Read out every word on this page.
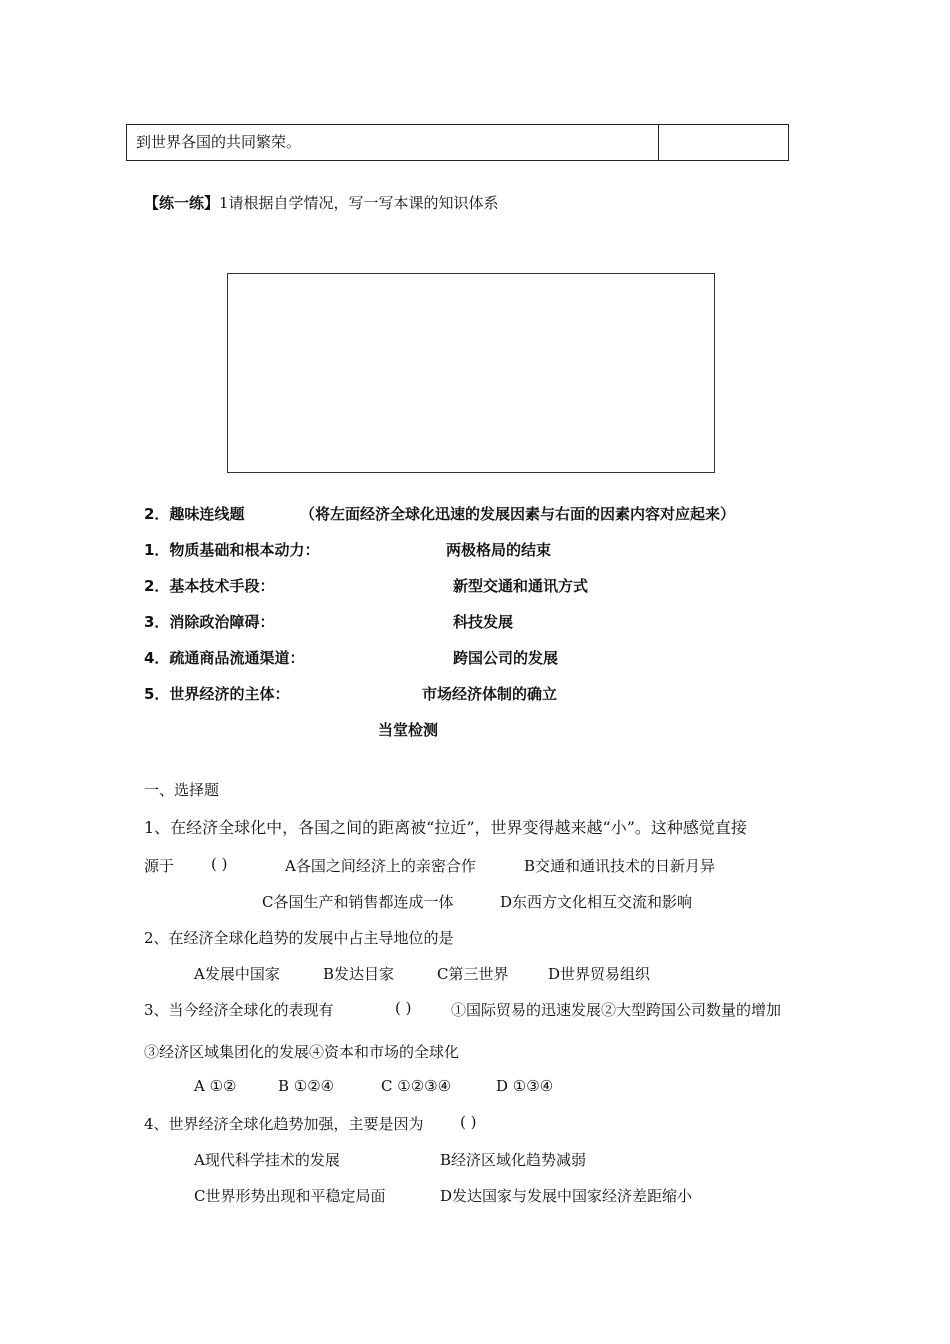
到世界各国的共同繁荣。
【练一练】1请根据自学情况，写一写本课的知识体系
2．趣味连线题	（将左面经济全球化迅速的发展因素与右面的因素内容对应起来）
1．物质基础和根本动力：	两极格局的结束
2．基本技术手段：	新型交通和通讯方式
3．消除政治障碍：	科技发展
4．疏通商品流通渠道：	跨国公司的发展
5．世界经济的主体：	市场经济体制的确立
当堂检测
一、选择题
1、在经济全球化中，各国之间的距离被“拉近”，世界变得越来越“小”。这种感觉直接
源于 ( )	A各国之间经济上的亲密合作	B交通和通讯技术的日新月异
C各国生产和销售都连成一体	D东西方文化相互交流和影响
2、在经济全球化趋势的发展中占主导地位的是
A发展中国家	B发达目家	C第三世界	D世界贸易组织
3、当今经济全球化的表现有	( )	①国际贸易的迅速发展②大型跨国公司数量的增加
③经济区域集团化的发展④资本和市场的全球化
A ①②	B ①②④	C ①②③④	D ①③④
4、世界经济全球化趋势加强，主要是因为 ( )
A现代科学挂术的发展	B经济区域化趋势减弱
C世界形势出现和平稳定局面	D发达国家与发展中国家经济差距缩小
